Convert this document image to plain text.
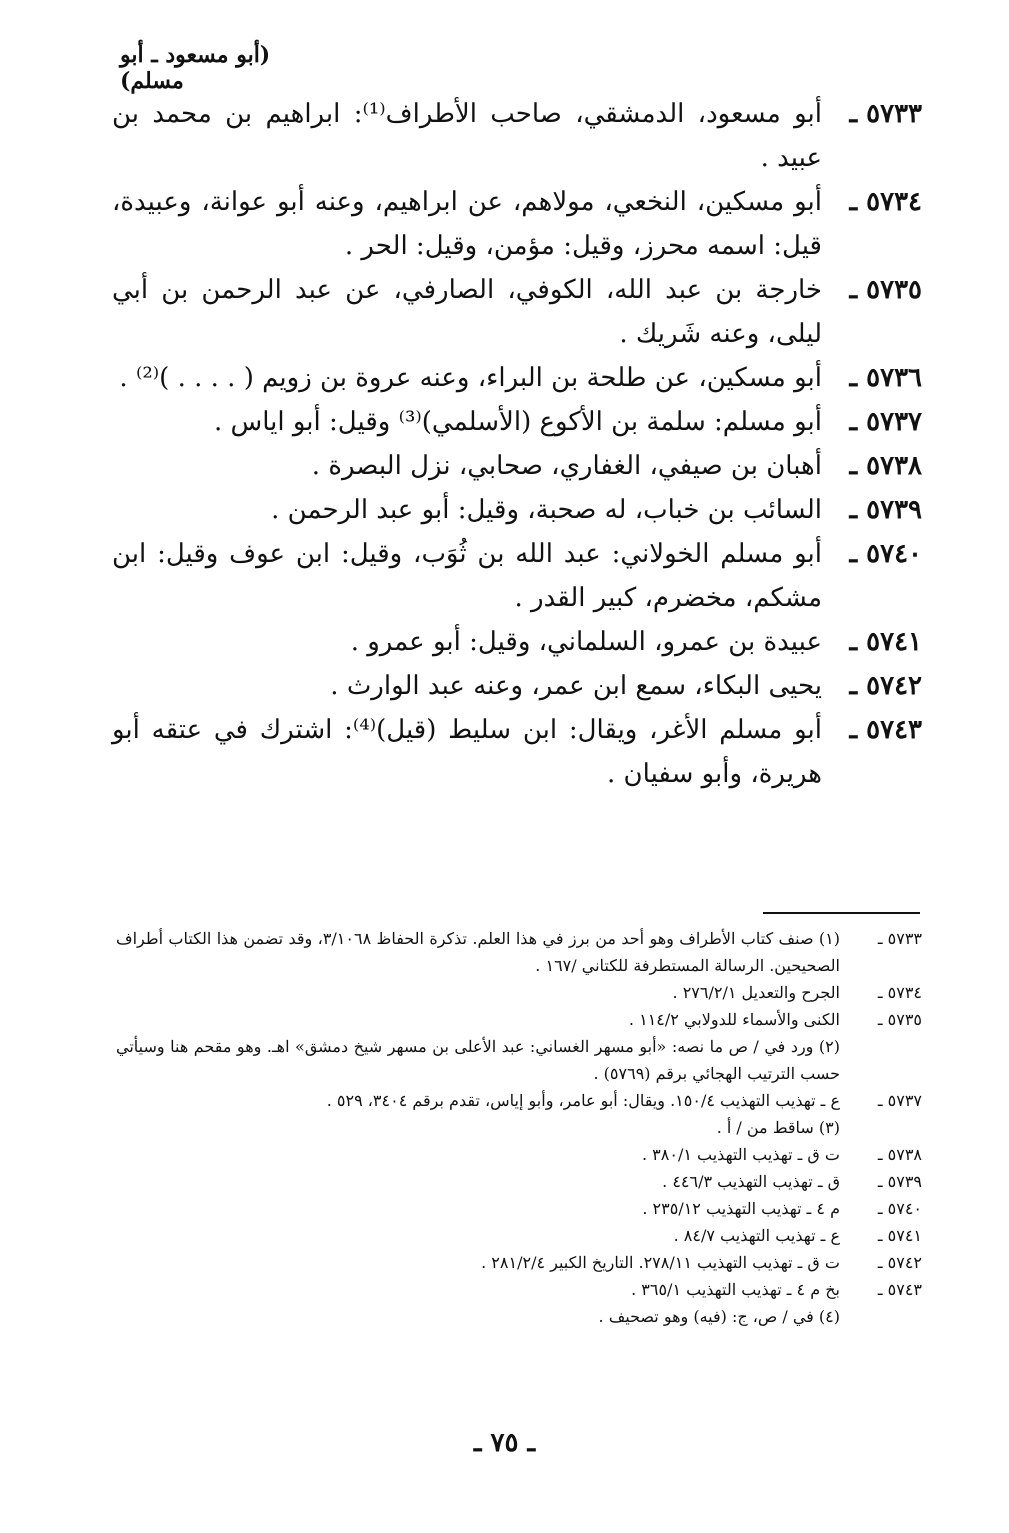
(أبو مسعود ـ أبو مسلم)
٥٧٣٣ ـ
أبو مسعود، الدمشقي، صاحب الأطراف⁽¹⁾: ابراهيم بن محمد بن عبيد .
٥٧٣٤ ـ
أبو مسكين، النخعي، مولاهم، عن ابراهيم، وعنه أبو عوانة، وعبيدة، قيل: اسمه محرز، وقيل: مؤمن، وقيل: الحر .
٥٧٣٥ ـ
خارجة بن عبد الله، الكوفي، الصارفي، عن عبد الرحمن بن أبي ليلى، وعنه شَريك .
٥٧٣٦ ـ
أبو مسكين، عن طلحة بن البراء، وعنه عروة بن زويم ( . . . . )⁽²⁾ .
٥٧٣٧ ـ
أبو مسلم: سلمة بن الأكوع (الأسلمي)⁽³⁾ وقيل: أبو اياس .
٥٧٣٨ ـ
أهبان بن صيفي، الغفاري، صحابي، نزل البصرة .
٥٧٣٩ ـ
السائب بن خباب، له صحبة، وقيل: أبو عبد الرحمن .
٥٧٤٠ ـ
أبو مسلم الخولاني: عبد الله بن ثُوَب، وقيل: ابن عوف وقيل: ابن مشكم، مخضرم، كبير القدر .
٥٧٤١ ـ
عبيدة بن عمرو، السلماني، وقيل: أبو عمرو .
٥٧٤٢ ـ
يحيى البكاء، سمع ابن عمر، وعنه عبد الوارث .
٥٧٤٣ ـ
أبو مسلم الأغر، ويقال: ابن سليط (قيل)⁽⁴⁾: اشترك في عتقه أبو هريرة، وأبو سفيان .
٥٧٣٣ ـ
(١) صنف كتاب الأطراف وهو أحد من برز في هذا العلم. تذكرة الحفاظ ٣/١٠٦٨، وقد تضمن هذا الكتاب أطراف الصحيحين. الرسالة المستطرفة للكتاني /١٦٧ .
٥٧٣٤ ـ
الجرح والتعديل ٢٧٦/٢/١ .
٥٧٣٥ ـ
الكنى والأسماء للدولابي ١١٤/٢ .
(٢) ورد في / ص ما نصه: «أبو مسهر الغساني: عبد الأعلى بن مسهر شيخ دمشق» اهـ. وهو مقحم هنا وسيأتي حسب الترتيب الهجائي برقم (٥٧٦٩) .
٥٧٣٧ ـ
ع ـ تهذيب التهذيب ١٥٠/٤. ويقال: أبو عامر، وأبو إياس، تقدم برقم ٣٤٠٤، ٥٢٩ .
(٣) ساقط من / أ .
٥٧٣٨ ـ
ت ق ـ تهذيب التهذيب ٣٨٠/١ .
٥٧٣٩ ـ
ق ـ تهذيب التهذيب ٤٤٦/٣ .
٥٧٤٠ ـ
م ٤ ـ تهذيب التهذيب ٢٣٥/١٢ .
٥٧٤١ ـ
ع ـ تهذيب التهذيب ٨٤/٧ .
٥٧٤٢ ـ
ت ق ـ تهذيب التهذيب ٢٧٨/١١. التاريخ الكبير ٢٨١/٢/٤ .
٥٧٤٣ ـ
بخ م ٤ ـ تهذيب التهذيب ٣٦٥/١ .
(٤) في / ص، ج: (فيه) وهو تصحيف .
ـ ٧٥ ـ
